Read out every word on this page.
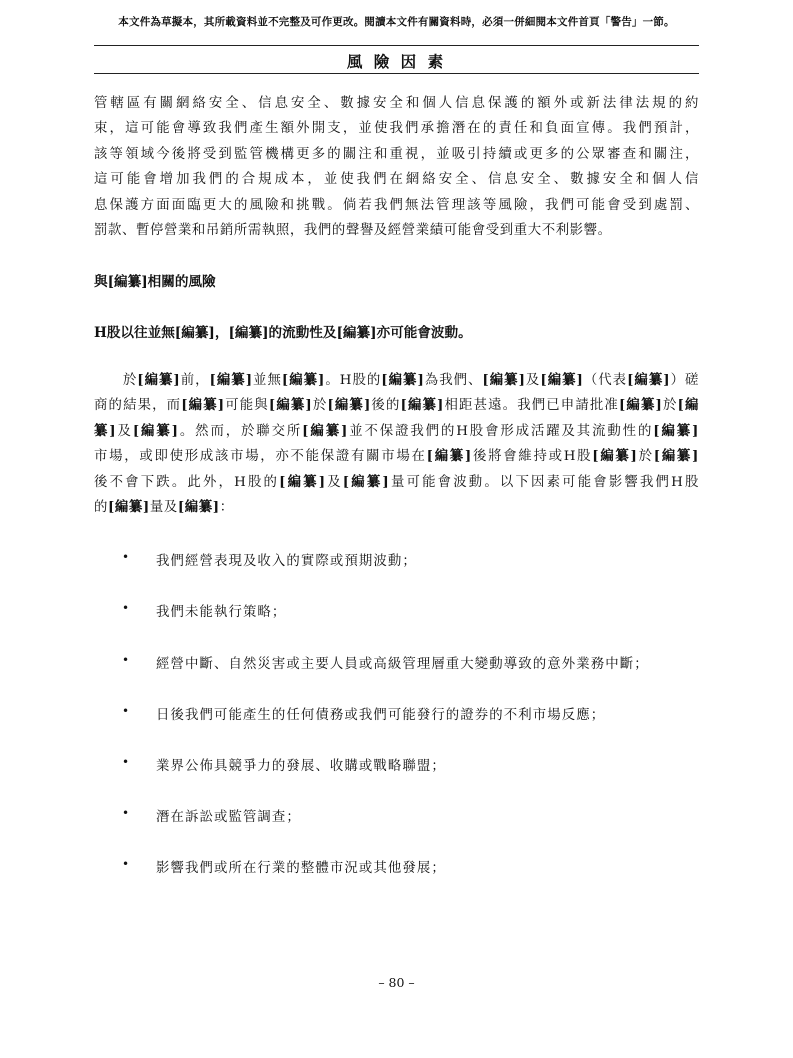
本文件為草擬本，其所載資料並不完整及可作更改。閱讀本文件有關資料時，必須一併細閱本文件首頁「警告」一節。
風 險 因 素
管轄區有關網絡安全、信息安全、數據安全和個人信息保護的額外或新法律法規的約
束，這可能會導致我們產生額外開支，並使我們承擔潛在的責任和負面宣傳。我們預計，
該等領域今後將受到監管機構更多的關注和重視，並吸引持續或更多的公眾審查和關注，
這可能會增加我們的合規成本，並使我們在網絡安全、信息安全、數據安全和個人信
息保護方面面臨更大的風險和挑戰。倘若我們無法管理該等風險，我們可能會受到處罰、
罰款、暫停營業和吊銷所需執照，我們的聲譽及經營業績可能會受到重大不利影響。
與[編纂]相關的風險
H股以往並無[編纂]，[編纂]的流動性及[編纂]亦可能會波動。
　　於[編纂]前，[編纂]並無[編纂]。H股的[編纂]為我們、[編纂]及[編纂]（代表[編纂]）磋
商的結果，而[編纂]可能與[編纂]於[編纂]後的[編纂]相距甚遠。我們已申請批准[編纂]於[編
纂]及[編纂]。然而，於聯交所[編纂]並不保證我們的H股會形成活躍及其流動性的[編纂]
市場，或即使形成該市場，亦不能保證有關市場在[編纂]後將會維持或H股[編纂]於[編纂]
後不會下跌。此外，H股的[編纂]及[編纂]量可能會波動。以下因素可能會影響我們H股
的[編纂]量及[編纂]：
• 我們經營表現及收入的實際或預期波動；
• 我們未能執行策略；
• 經營中斷、自然災害或主要人員或高級管理層重大變動導致的意外業務中斷；
• 日後我們可能產生的任何債務或我們可能發行的證券的不利市場反應；
• 業界公佈具競爭力的發展、收購或戰略聯盟；
• 潛在訴訟或監管調查；
• 影響我們或所在行業的整體市況或其他發展；
– 80 –
